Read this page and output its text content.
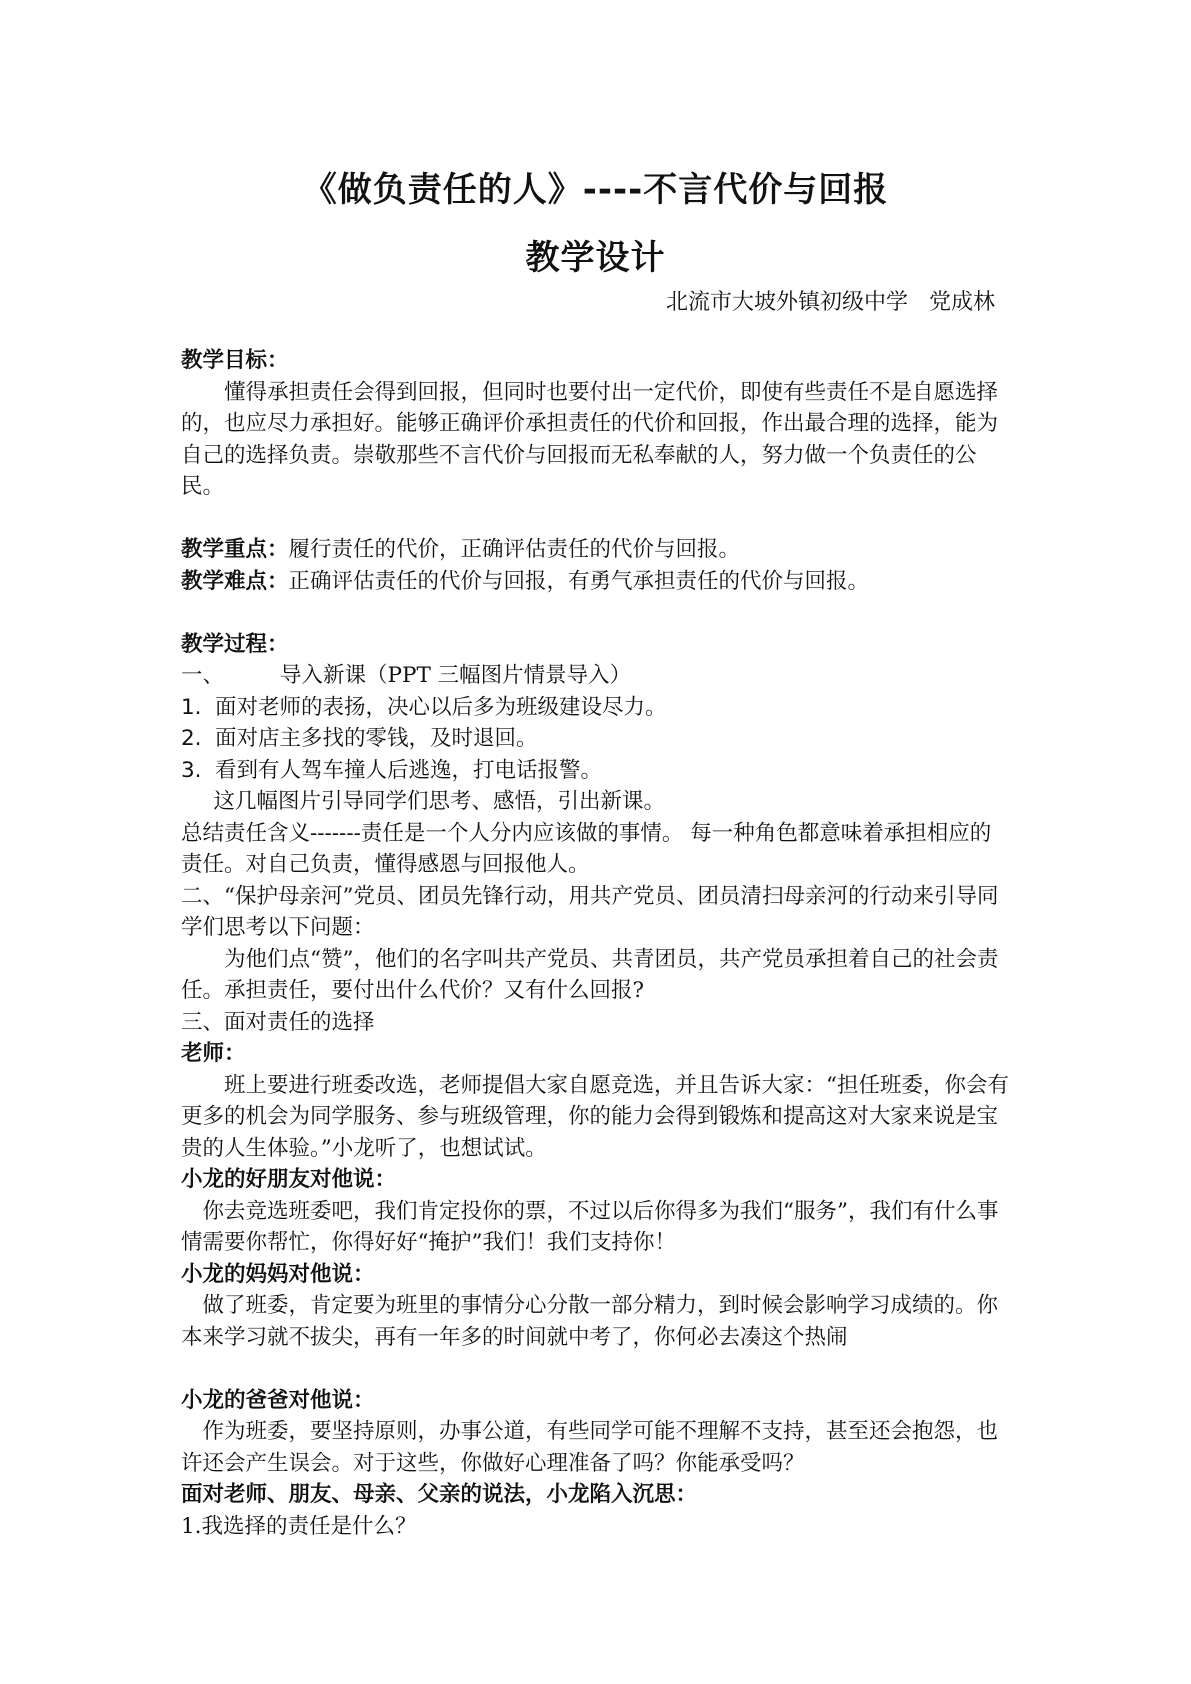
《做负责任的人》----不言代价与回报
教学设计
北流市大坡外镇初级中学   党成林

教学目标：

懂得承担责任会得到回报，但同时也要付出一定代价，即使有些责任不是自愿选择的，也应尽力承担好。能够正确评价承担责任的代价和回报，作出最合理的选择，能为自己的选择负责。崇敬那些不言代价与回报而无私奉献的人，努力做一个负责任的公民。

教学重点：履行责任的代价，正确评估责任的代价与回报。

教学难点：正确评估责任的代价与回报，有勇气承担责任的代价与回报。

教学过程：

一、	导入新课（PPT 三幅图片情景导入）

1. 面对老师的表扬，决心以后多为班级建设尽力。

2. 面对店主多找的零钱，及时退回。

3. 看到有人驾车撞人后逃逸，打电话报警。

这几幅图片引导同学们思考、感悟，引出新课。

总结责任含义-------责任是一个人分内应该做的事情。 每一种角色都意味着承担相应的责任。对自己负责，懂得感恩与回报他人。

二、“保护母亲河”党员、团员先锋行动，用共产党员、团员清扫母亲河的行动来引导同学们思考以下问题：

为他们点“赞”，他们的名字叫共产党员、共青团员，共产党员承担着自己的社会责任。承担责任，要付出什么代价？又有什么回报?

三、面对责任的选择

老师：

班上要进行班委改选，老师提倡大家自愿竞选，并且告诉大家：“担任班委，你会有更多的机会为同学服务、参与班级管理，你的能力会得到锻炼和提高这对大家来说是宝贵的人生体验。”小龙听了，也想试试。

小龙的好朋友对他说：

你去竞选班委吧，我们肯定投你的票，不过以后你得多为我们“服务”，我们有什么事情需要你帮忙，你得好好“掩护”我们！我们支持你！

小龙的妈妈对他说：

做了班委，肯定要为班里的事情分心分散一部分精力，到时候会影响学习成绩的。你本来学习就不拔尖，再有一年多的时间就中考了，你何必去凑这个热闹

小龙的爸爸对他说：

作为班委，要坚持原则，办事公道，有些同学可能不理解不支持，甚至还会抱怨，也许还会产生误会。对于这些，你做好心理准备了吗？你能承受吗？

面对老师、朋友、母亲、父亲的说法，小龙陷入沉思：

1.我选择的责任是什么？
